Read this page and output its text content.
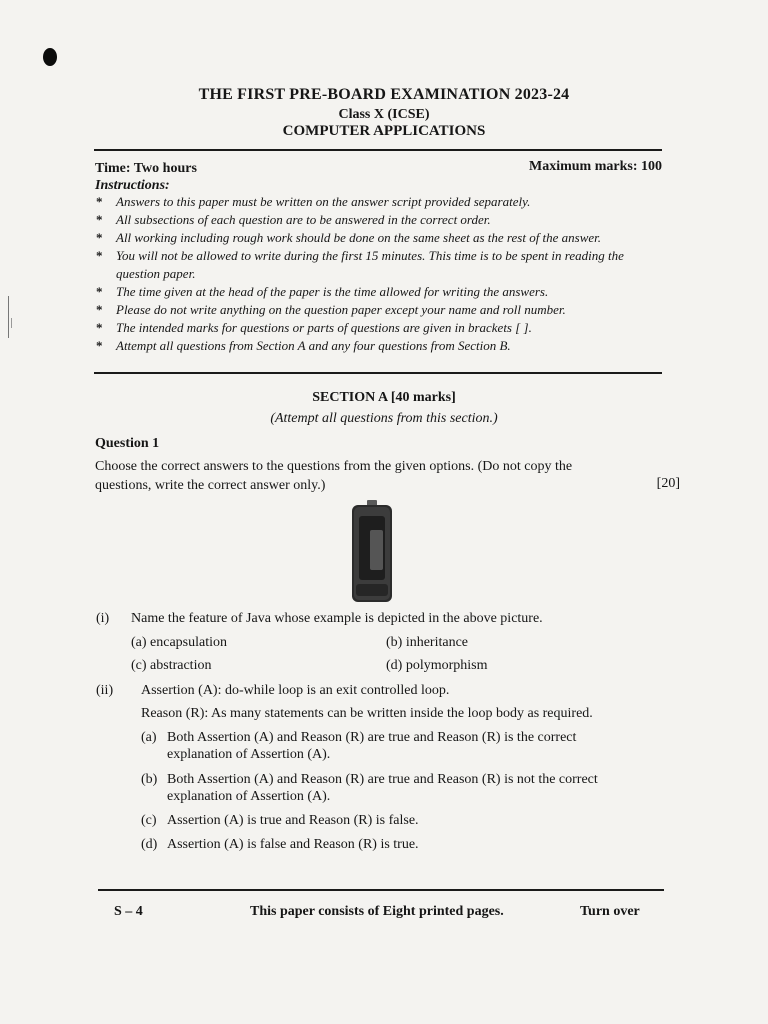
THE FIRST PRE-BOARD EXAMINATION 2023-24
Class X (ICSE)
COMPUTER APPLICATIONS
Time: Two hours	Maximum marks: 100
Instructions:

* Answers to this paper must be written on the answer script provided separately.

* All subsections of each question are to be answered in the correct order.

* All working including rough work should be done on the same sheet as the rest of the answer.

* You will not be allowed to write during the first 15 minutes. This time is to be spent in reading the question paper.

* The time given at the head of the paper is the time allowed for writing the answers.

* Please do not write anything on the question paper except your name and roll number.

* The intended marks for questions or parts of questions are given in brackets [ ].

* Attempt all questions from Section A and any four questions from Section B.

SECTION A [40 marks]
(Attempt all questions from this section.)
Question 1
Choose the correct answers to the questions from the given options. (Do not copy the questions, write the correct answer only.)	[20]
(i) Name the feature of Java whose example is depicted in the above picture.
(a) encapsulation	(b) inheritance
(c) abstraction	(d) polymorphism
(ii) Assertion (A): do-while loop is an exit controlled loop.
Reason (R): As many statements can be written inside the loop body as required.
(a) Both Assertion (A) and Reason (R) are true and Reason (R) is the correct explanation of Assertion (A).
(b) Both Assertion (A) and Reason (R) are true and Reason (R) is not the correct explanation of Assertion (A).
(c) Assertion (A) is true and Reason (R) is false.
(d) Assertion (A) is false and Reason (R) is true.
S – 4	This paper consists of Eight printed pages.	Turn over
